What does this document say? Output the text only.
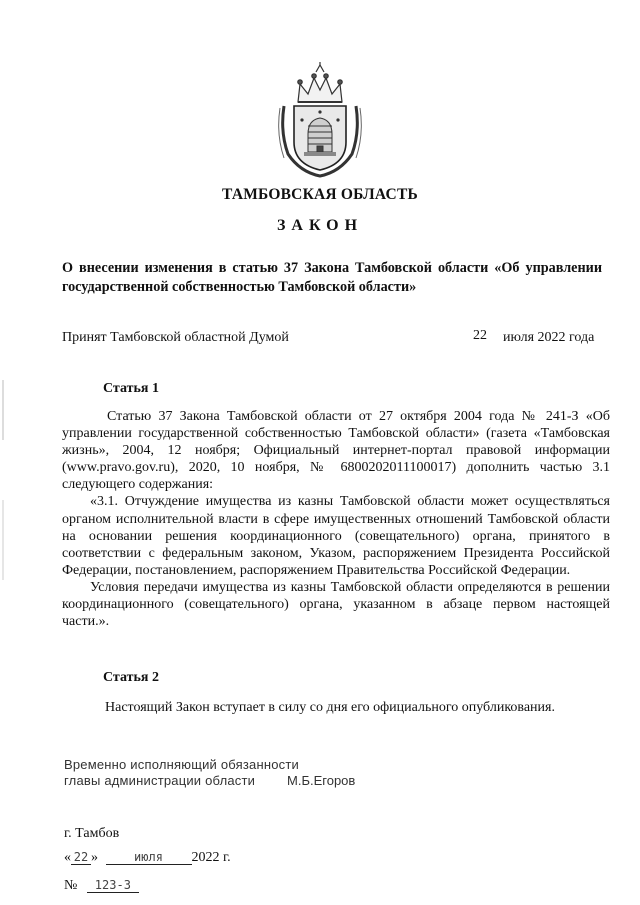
ТАМБОВСКАЯ ОБЛАСТЬ
ЗАКОН
О внесении изменения в статью 37 Закона Тамбовской области «Об управлении государственной собственностью Тамбовской области»
Принят Тамбовской областной Думой	22 июля 2022 года
Статья 1

Статью 37 Закона Тамбовской области от 27 октября 2004 года № 241-З «Об управлении государственной собственностью Тамбовской области» (газета «Тамбовская жизнь», 2004, 12 ноября; Официальный интернет-портал правовой информации (www.pravo.gov.ru), 2020, 10 ноября, № 6800202011100017) дополнить частью 3.1 следующего содержания:

«3.1. Отчуждение имущества из казны Тамбовской области может осуществляться органом исполнительной власти в сфере имущественных отношений Тамбовской области на основании решения координационного (совещательного) органа, принятого в соответствии с федеральным законом, Указом, распоряжением Президента Российской Федерации, постановлением, распоряжением Правительства Российской Федерации.

Условия передачи имущества из казны Тамбовской области определяются в решении координационного (совещательного) органа, указанном в абзаце первом настоящей части.».

Статья 2
Настоящий Закон вступает в силу со дня его официального опубликования.
Временно исполняющий обязанности
главы администрации области	М.Б.Егоров
г. Тамбов
« 22 »	июля 2022 г.
№ 123-З
